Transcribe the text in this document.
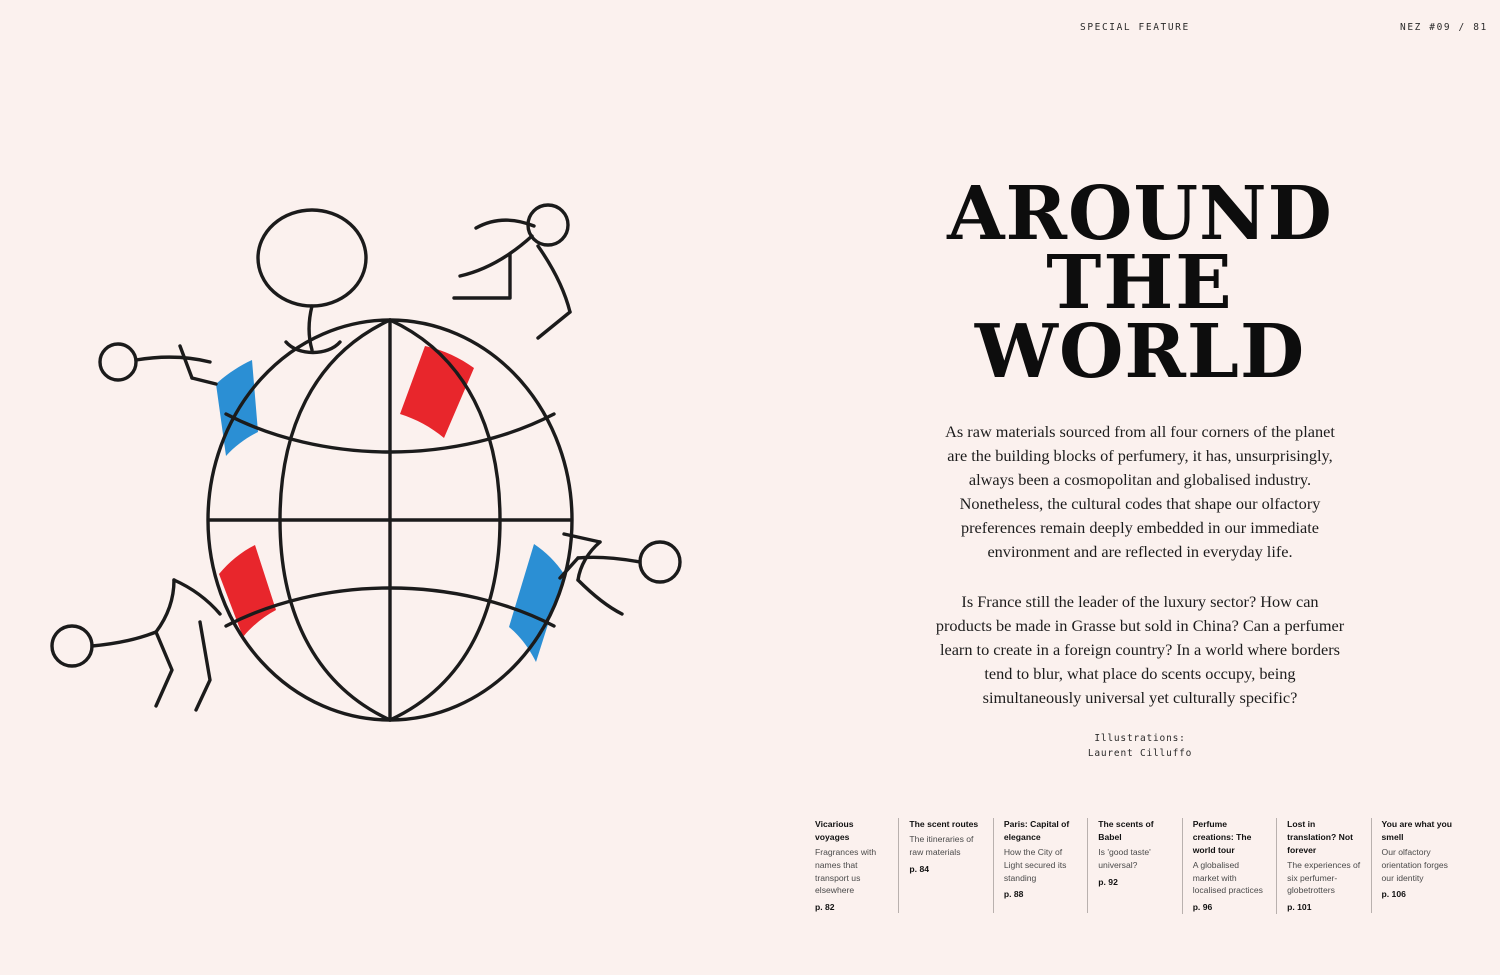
SPECIAL FEATURE	NEZ #09 / 81
AROUND
THE
WORLD

As raw materials sourced from all four corners of the planet are the building blocks of perfumery, it has, unsurprisingly, always been a cosmopolitan and globalised industry. Nonetheless, the cultural codes that shape our olfactory preferences remain deeply embedded in our immediate environment and are reflected in everyday life.

Is France still the leader of the luxury sector? How can products be made in Grasse but sold in China? Can a perfumer learn to create in a foreign country? In a world where borders tend to blur, what place do scents occupy, being simultaneously universal yet culturally specific?

Illustrations:
Laurent Cilluffo
Vicarious voyages
Fragrances with names that transport us elsewhere
p. 82
The scent routes
The itineraries of raw materials
p. 84
Paris: Capital of elegance
How the City of Light secured its standing
p. 88
The scents of Babel
Is 'good taste' universal?
p. 92
Perfume creations: The world tour
A globalised market with localised practices
p. 96
Lost in translation? Not forever
The experiences of six perfumer-globetrotters
p. 101
You are what you smell
Our olfactory orientation forges our identity
p. 106
